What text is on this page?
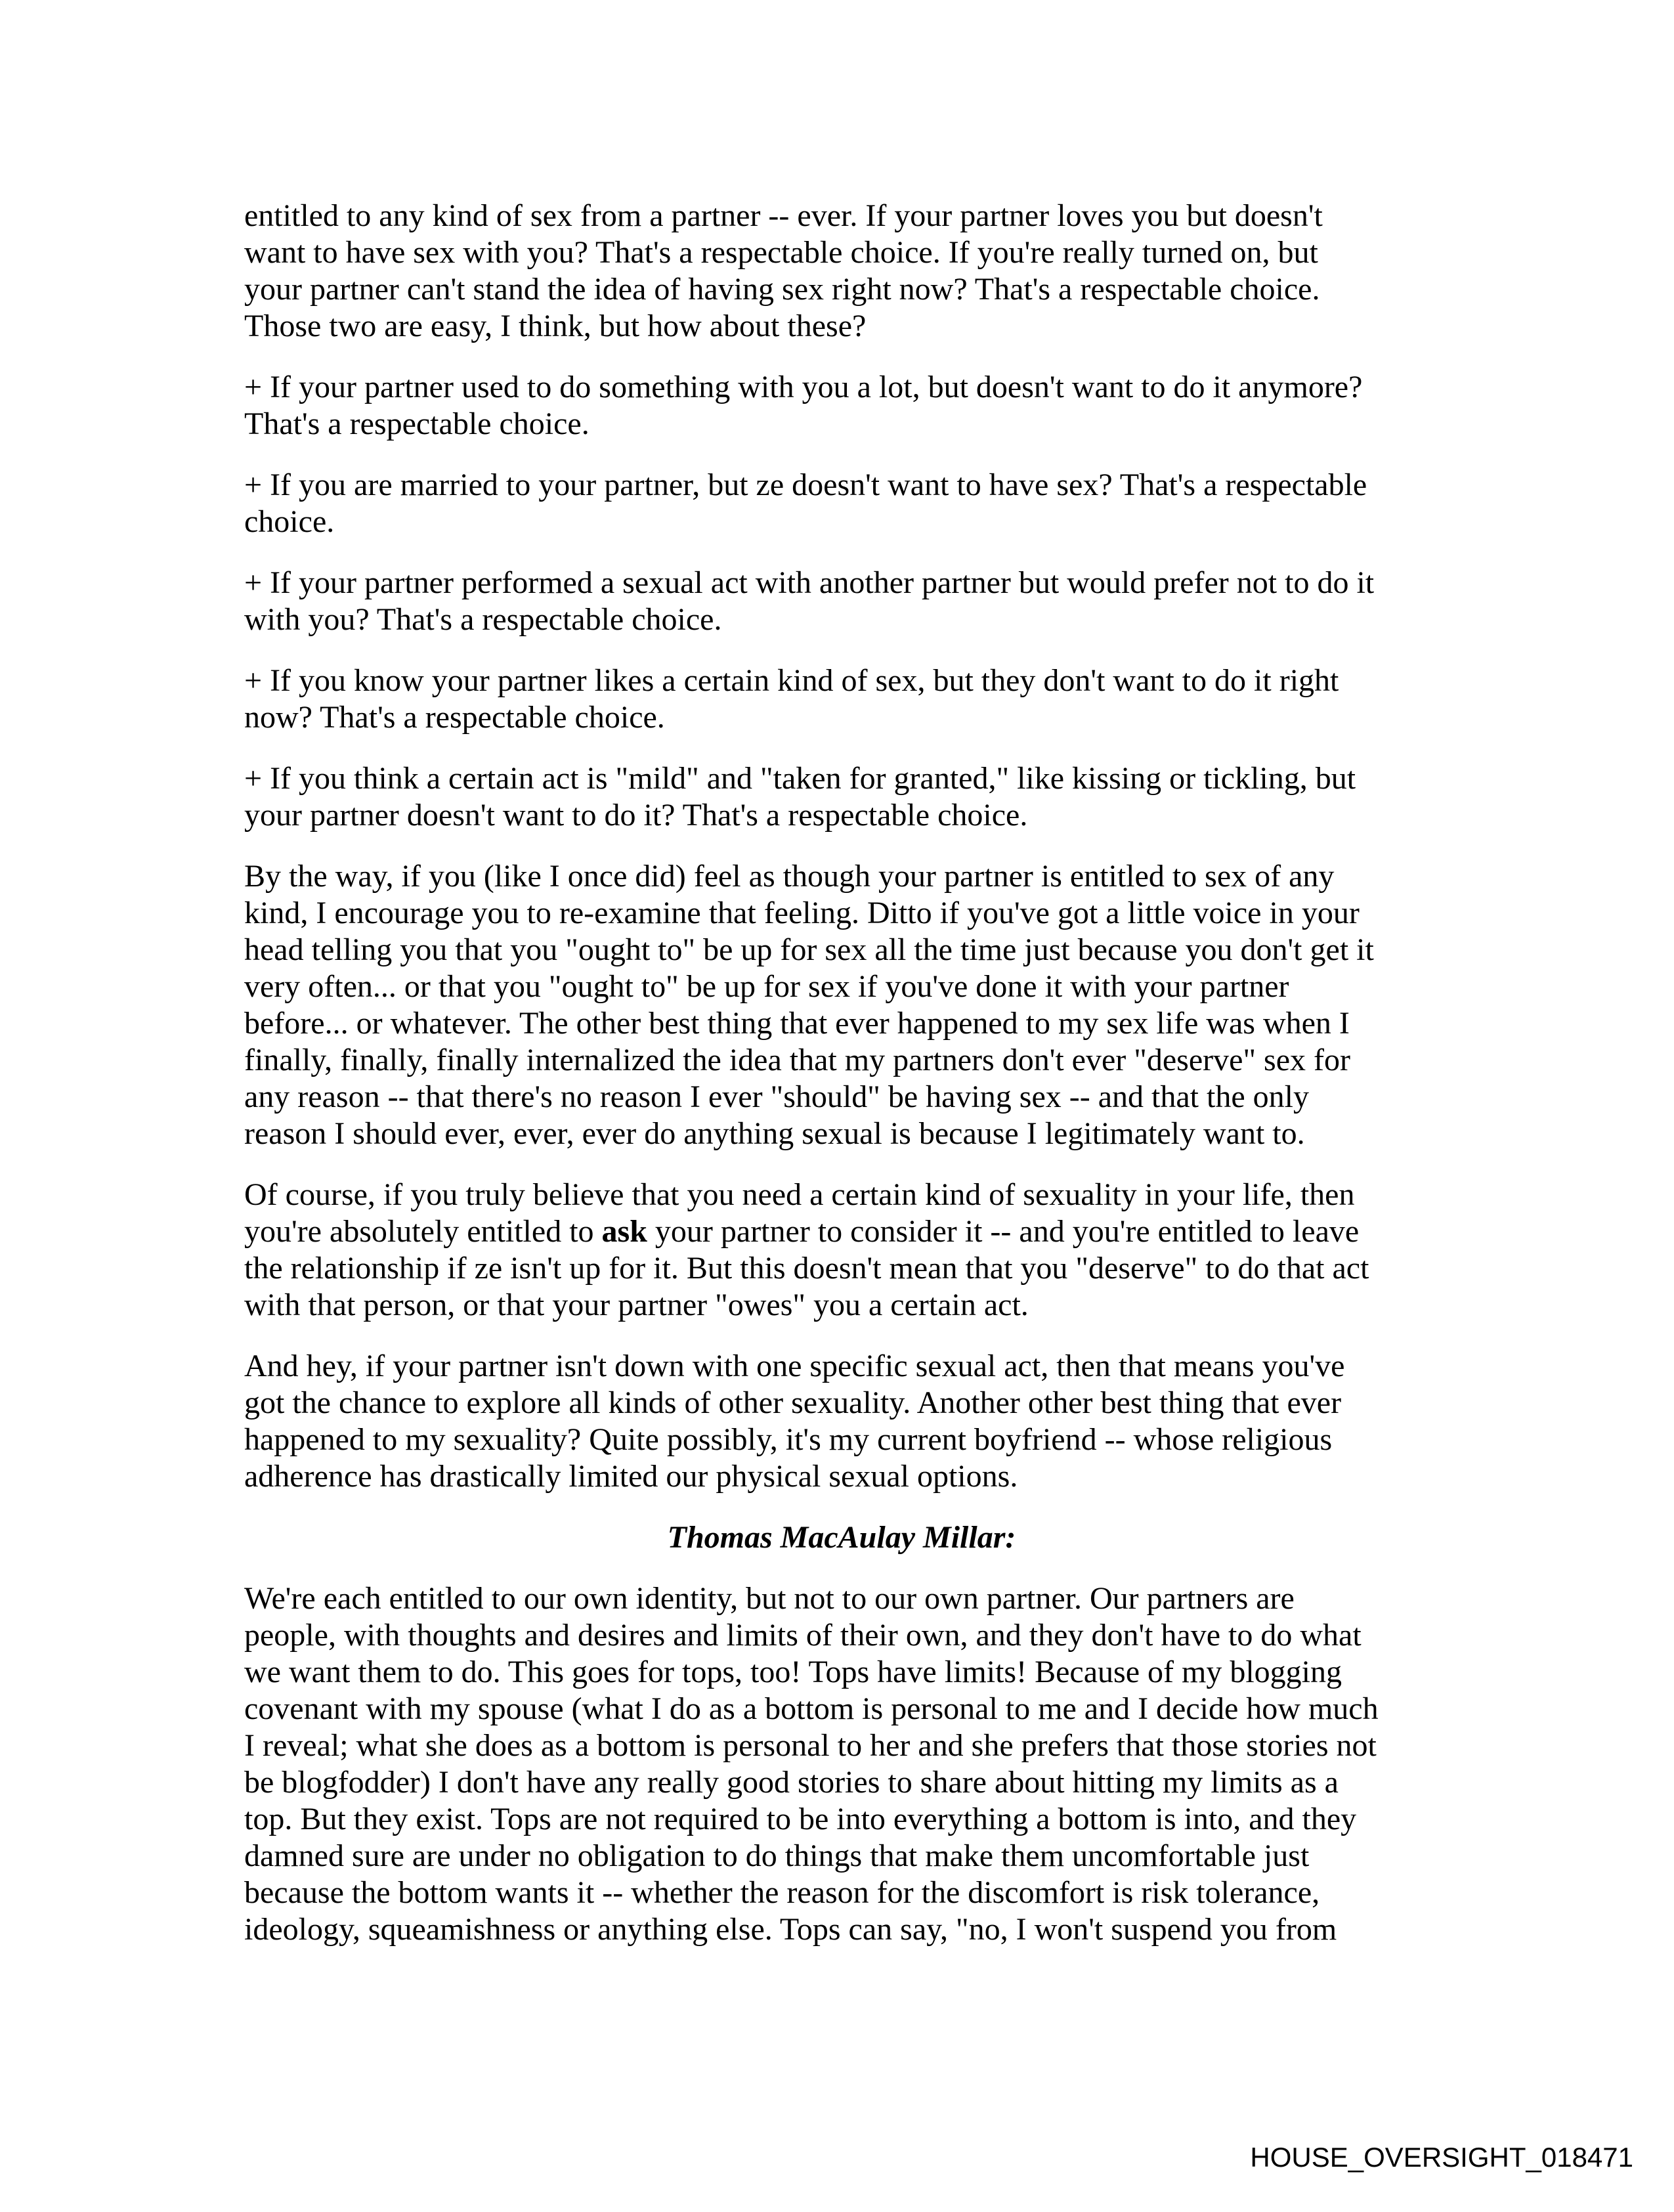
entitled to any kind of sex from a partner -- ever. If your partner loves you but doesn't
want to have sex with you? That's a respectable choice. If you're really turned on, but
your partner can't stand the idea of having sex right now? That's a respectable choice.
Those two are easy, I think, but how about these?
+ If your partner used to do something with you a lot, but doesn't want to do it anymore?
That's a respectable choice.
+ If you are married to your partner, but ze doesn't want to have sex? That's a respectable
choice.
+ If your partner performed a sexual act with another partner but would prefer not to do it
with you? That's a respectable choice.
+ If you know your partner likes a certain kind of sex, but they don't want to do it right
now? That's a respectable choice.
+ If you think a certain act is "mild" and "taken for granted," like kissing or tickling, but
your partner doesn't want to do it? That's a respectable choice.
By the way, if you (like I once did) feel as though your partner is entitled to sex of any
kind, I encourage you to re-examine that feeling. Ditto if you've got a little voice in your
head telling you that you "ought to" be up for sex all the time just because you don't get it
very often... or that you "ought to" be up for sex if you've done it with your partner
before... or whatever. The other best thing that ever happened to my sex life was when I
finally, finally, finally internalized the idea that my partners don't ever "deserve" sex for
any reason -- that there's no reason I ever "should" be having sex -- and that the only
reason I should ever, ever, ever do anything sexual is because I legitimately want to.
Of course, if you truly believe that you need a certain kind of sexuality in your life, then
you're absolutely entitled to ask your partner to consider it -- and you're entitled to leave
the relationship if ze isn't up for it. But this doesn't mean that you "deserve" to do that act
with that person, or that your partner "owes" you a certain act.
And hey, if your partner isn't down with one specific sexual act, then that means you've
got the chance to explore all kinds of other sexuality. Another other best thing that ever
happened to my sexuality? Quite possibly, it's my current boyfriend -- whose religious
adherence has drastically limited our physical sexual options.
Thomas MacAulay Millar:
We're each entitled to our own identity, but not to our own partner. Our partners are
people, with thoughts and desires and limits of their own, and they don't have to do what
we want them to do. This goes for tops, too! Tops have limits! Because of my blogging
covenant with my spouse (what I do as a bottom is personal to me and I decide how much
I reveal; what she does as a bottom is personal to her and she prefers that those stories not
be blogfodder) I don't have any really good stories to share about hitting my limits as a
top. But they exist. Tops are not required to be into everything a bottom is into, and they
damned sure are under no obligation to do things that make them uncomfortable just
because the bottom wants it -- whether the reason for the discomfort is risk tolerance,
ideology, squeamishness or anything else. Tops can say, "no, I won't suspend you from
HOUSE_OVERSIGHT_018471
